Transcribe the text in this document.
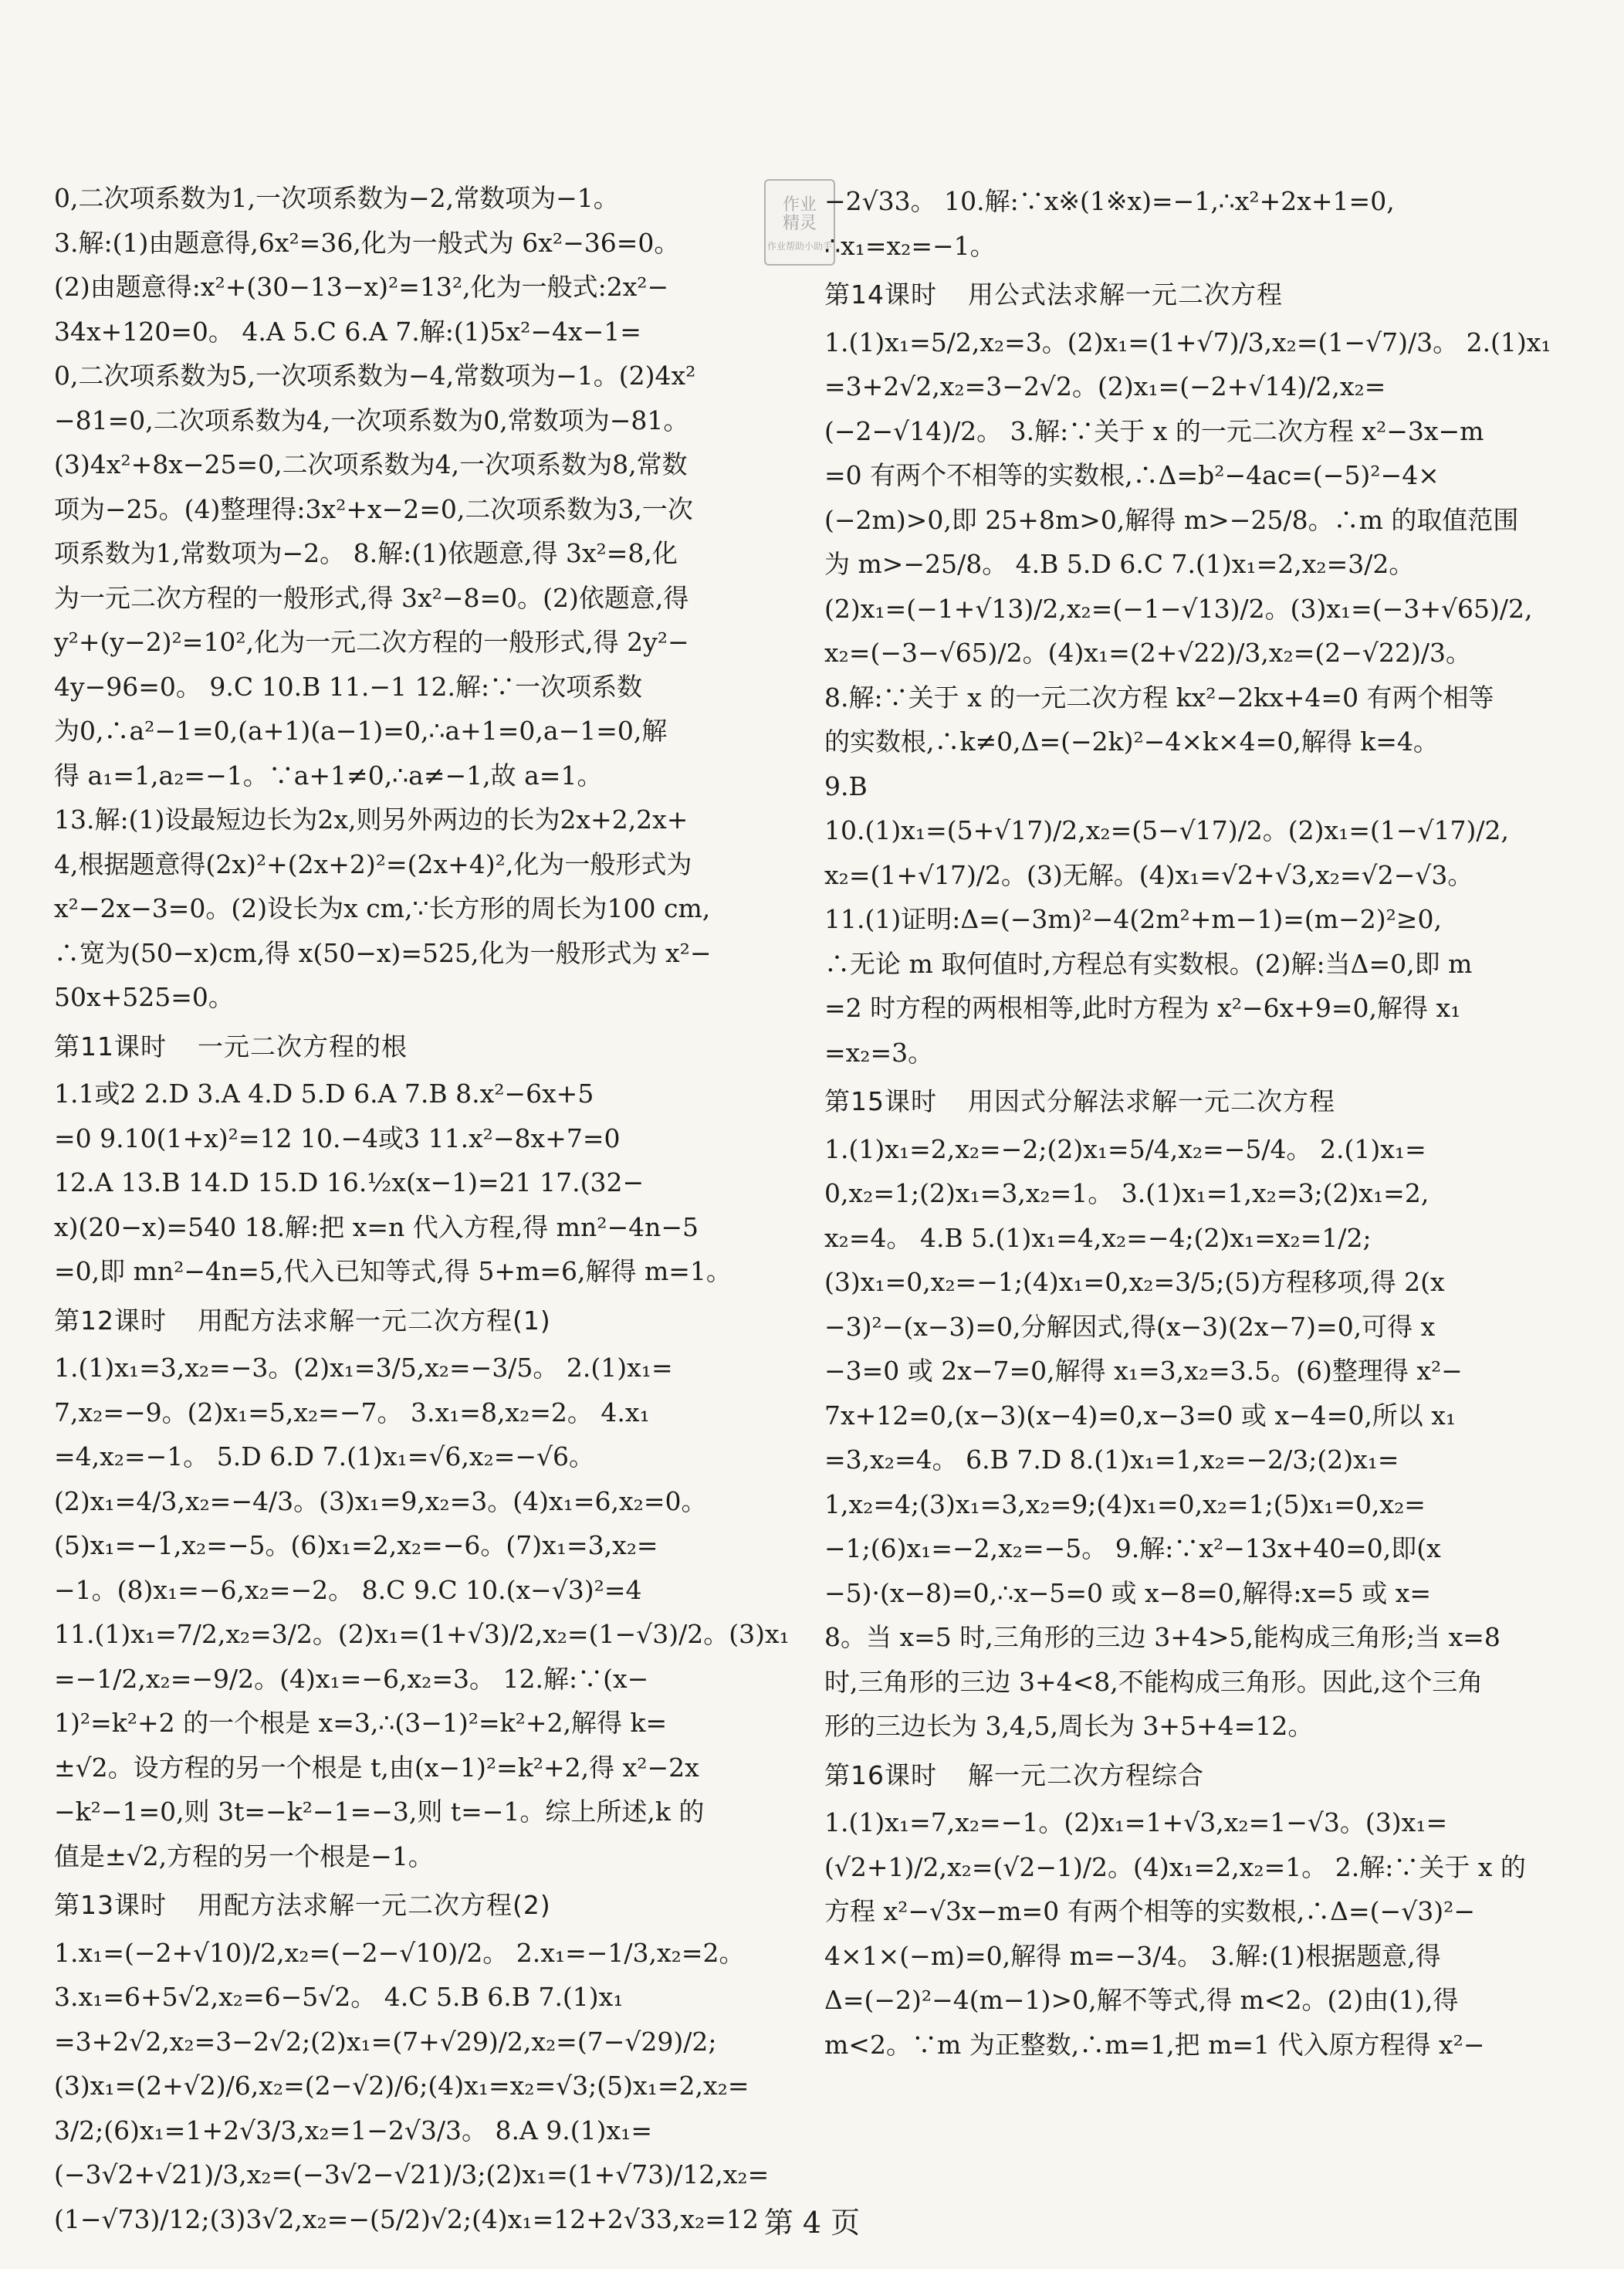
作业
精灵
作业帮助小助手

0,二次项系数为1,一次项系数为−2,常数项为−1。

3.解:(1)由题意得,6x²=36,化为一般式为 6x²−36=0。

(2)由题意得:x²+(30−13−x)²=13²,化为一般式:2x²−

34x+120=0。 4.A 5.C 6.A 7.解:(1)5x²−4x−1=

0,二次项系数为5,一次项系数为−4,常数项为−1。(2)4x²

−81=0,二次项系数为4,一次项系数为0,常数项为−81。

(3)4x²+8x−25=0,二次项系数为4,一次项系数为8,常数

项为−25。(4)整理得:3x²+x−2=0,二次项系数为3,一次

项系数为1,常数项为−2。 8.解:(1)依题意,得 3x²=8,化

为一元二次方程的一般形式,得 3x²−8=0。(2)依题意,得

y²+(y−2)²=10²,化为一元二次方程的一般形式,得 2y²−

4y−96=0。 9.C 10.B 11.−1 12.解:∵一次项系数

为0,∴a²−1=0,(a+1)(a−1)=0,∴a+1=0,a−1=0,解

得 a₁=1,a₂=−1。∵a+1≠0,∴a≠−1,故 a=1。

13.解:(1)设最短边长为2x,则另外两边的长为2x+2,2x+

4,根据题意得(2x)²+(2x+2)²=(2x+4)²,化为一般形式为

x²−2x−3=0。(2)设长为x cm,∵长方形的周长为100 cm,

∴宽为(50−x)cm,得 x(50−x)=525,化为一般形式为 x²−

50x+525=0。

第11课时 一元二次方程的根

1.1或2 2.D 3.A 4.D 5.D 6.A 7.B 8.x²−6x+5

=0 9.10(1+x)²=12 10.−4或3 11.x²−8x+7=0

12.A 13.B 14.D 15.D 16.½x(x−1)=21 17.(32−

x)(20−x)=540 18.解:把 x=n 代入方程,得 mn²−4n−5

=0,即 mn²−4n=5,代入已知等式,得 5+m=6,解得 m=1。

第12课时 用配方法求解一元二次方程(1)

1.(1)x₁=3,x₂=−3。(2)x₁=3/5,x₂=−3/5。 2.(1)x₁=

7,x₂=−9。(2)x₁=5,x₂=−7。 3.x₁=8,x₂=2。 4.x₁

=4,x₂=−1。 5.D 6.D 7.(1)x₁=√6,x₂=−√6。

(2)x₁=4/3,x₂=−4/3。(3)x₁=9,x₂=3。(4)x₁=6,x₂=0。

(5)x₁=−1,x₂=−5。(6)x₁=2,x₂=−6。(7)x₁=3,x₂=

−1。(8)x₁=−6,x₂=−2。 8.C 9.C 10.(x−√3)²=4

11.(1)x₁=7/2,x₂=3/2。(2)x₁=(1+√3)/2,x₂=(1−√3)/2。(3)x₁

=−1/2,x₂=−9/2。(4)x₁=−6,x₂=3。 12.解:∵(x−

1)²=k²+2 的一个根是 x=3,∴(3−1)²=k²+2,解得 k=

±√2。设方程的另一个根是 t,由(x−1)²=k²+2,得 x²−2x

−k²−1=0,则 3t=−k²−1=−3,则 t=−1。综上所述,k 的

值是±√2,方程的另一个根是−1。

第13课时 用配方法求解一元二次方程(2)

1.x₁=(−2+√10)/2,x₂=(−2−√10)/2。 2.x₁=−1/3,x₂=2。

3.x₁=6+5√2,x₂=6−5√2。 4.C 5.B 6.B 7.(1)x₁

=3+2√2,x₂=3−2√2;(2)x₁=(7+√29)/2,x₂=(7−√29)/2;

(3)x₁=(2+√2)/6,x₂=(2−√2)/6;(4)x₁=x₂=√3;(5)x₁=2,x₂=

3/2;(6)x₁=1+2√3/3,x₂=1−2√3/3。 8.A 9.(1)x₁=

(−3√2+√21)/3,x₂=(−3√2−√21)/3;(2)x₁=(1+√73)/12,x₂=

(1−√73)/12;(3)3√2,x₂=−(5/2)√2;(4)x₁=12+2√33,x₂=12

−2√33。 10.解:∵x※(1※x)=−1,∴x²+2x+1=0,

∴x₁=x₂=−1。

第14课时 用公式法求解一元二次方程

1.(1)x₁=5/2,x₂=3。(2)x₁=(1+√7)/3,x₂=(1−√7)/3。 2.(1)x₁

=3+2√2,x₂=3−2√2。(2)x₁=(−2+√14)/2,x₂=

(−2−√14)/2。 3.解:∵关于 x 的一元二次方程 x²−3x−m

=0 有两个不相等的实数根,∴Δ=b²−4ac=(−5)²−4×

(−2m)>0,即 25+8m>0,解得 m>−25/8。∴m 的取值范围

为 m>−25/8。 4.B 5.D 6.C 7.(1)x₁=2,x₂=3/2。

(2)x₁=(−1+√13)/2,x₂=(−1−√13)/2。(3)x₁=(−3+√65)/2,

x₂=(−3−√65)/2。(4)x₁=(2+√22)/3,x₂=(2−√22)/3。

8.解:∵关于 x 的一元二次方程 kx²−2kx+4=0 有两个相等

的实数根,∴k≠0,Δ=(−2k)²−4×k×4=0,解得 k=4。

9.B

10.(1)x₁=(5+√17)/2,x₂=(5−√17)/2。(2)x₁=(1−√17)/2,

x₂=(1+√17)/2。(3)无解。(4)x₁=√2+√3,x₂=√2−√3。

11.(1)证明:Δ=(−3m)²−4(2m²+m−1)=(m−2)²≥0,

∴无论 m 取何值时,方程总有实数根。(2)解:当Δ=0,即 m

=2 时方程的两根相等,此时方程为 x²−6x+9=0,解得 x₁

=x₂=3。

第15课时 用因式分解法求解一元二次方程

1.(1)x₁=2,x₂=−2;(2)x₁=5/4,x₂=−5/4。 2.(1)x₁=

0,x₂=1;(2)x₁=3,x₂=1。 3.(1)x₁=1,x₂=3;(2)x₁=2,

x₂=4。 4.B 5.(1)x₁=4,x₂=−4;(2)x₁=x₂=1/2;

(3)x₁=0,x₂=−1;(4)x₁=0,x₂=3/5;(5)方程移项,得 2(x

−3)²−(x−3)=0,分解因式,得(x−3)(2x−7)=0,可得 x

−3=0 或 2x−7=0,解得 x₁=3,x₂=3.5。(6)整理得 x²−

7x+12=0,(x−3)(x−4)=0,x−3=0 或 x−4=0,所以 x₁

=3,x₂=4。 6.B 7.D 8.(1)x₁=1,x₂=−2/3;(2)x₁=

1,x₂=4;(3)x₁=3,x₂=9;(4)x₁=0,x₂=1;(5)x₁=0,x₂=

−1;(6)x₁=−2,x₂=−5。 9.解:∵x²−13x+40=0,即(x

−5)·(x−8)=0,∴x−5=0 或 x−8=0,解得:x=5 或 x=

8。当 x=5 时,三角形的三边 3+4>5,能构成三角形;当 x=8

时,三角形的三边 3+4<8,不能构成三角形。因此,这个三角

形的三边长为 3,4,5,周长为 3+5+4=12。

第16课时 解一元二次方程综合

1.(1)x₁=7,x₂=−1。(2)x₁=1+√3,x₂=1−√3。(3)x₁=

(√2+1)/2,x₂=(√2−1)/2。(4)x₁=2,x₂=1。 2.解:∵关于 x 的

方程 x²−√3x−m=0 有两个相等的实数根,∴Δ=(−√3)²−

4×1×(−m)=0,解得 m=−3/4。 3.解:(1)根据题意,得

Δ=(−2)²−4(m−1)>0,解不等式,得 m<2。(2)由(1),得

m<2。∵m 为正整数,∴m=1,把 m=1 代入原方程得 x²−

第 4 页
